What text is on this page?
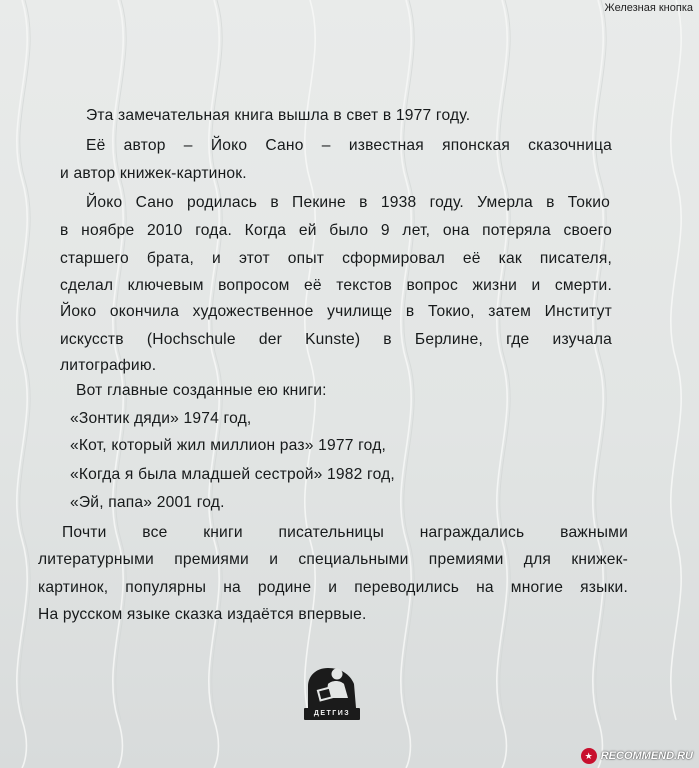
Железная кнопка
Эта замечательная книга вышла в свет в 1977 году.
Её автор – Йоко Сано – известная японская сказочница
и автор книжек-картинок.
Йоко Сано родилась в Пекине в 1938 году. Умерла в Токио
в ноябре 2010 года. Когда ей было 9 лет, она потеряла своего
старшего брата, и этот опыт сформировал её как писателя,
сделал ключевым вопросом её текстов вопрос жизни и смерти.
Йоко окончила художественное училище в Токио, затем Институт
искусств (Hochschule der Kunste) в Берлине, где изучала
литографию.
Вот главные созданные ею книги:
«Зонтик дяди» 1974 год,
«Кот, который жил миллион раз» 1977 год,
«Когда я была младшей сестрой» 1982 год,
«Эй, папа» 2001 год.
Почти все книги писательницы награждались важными
литературными премиями и специальными премиями для книжек-
картинок, популярны на родине и переводились на многие языки.
На русском языке сказка издаётся впервые.
ДЕТГИЗ
★ RECOMMEND.RU
